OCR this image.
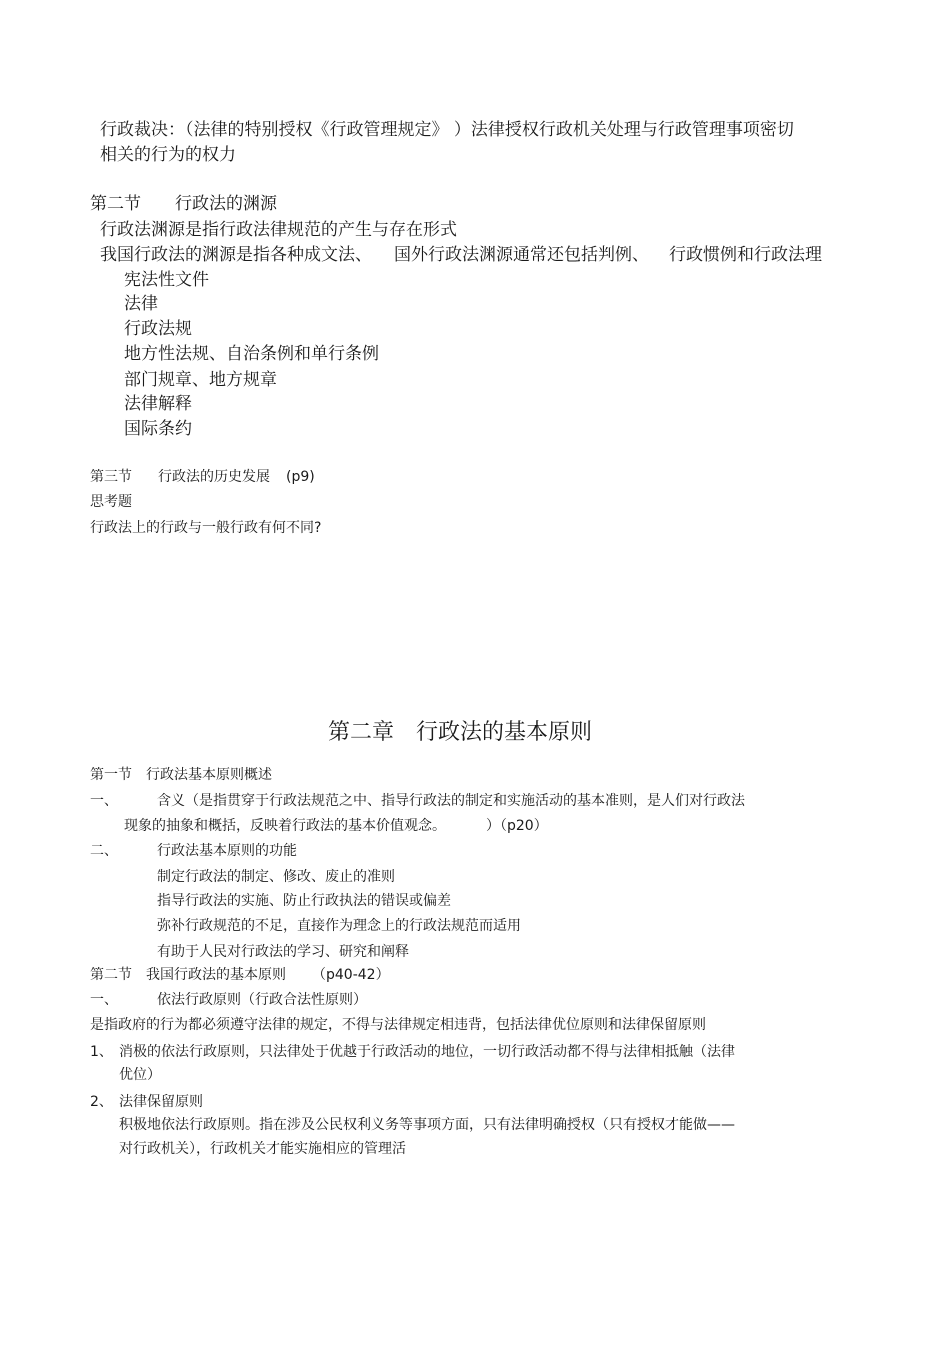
行政裁决：（法律的特别授权《行政管理规定》 ）法律授权行政机关处理与行政管理事项密切
相关的行为的权力
第二节 行政法的渊源
行政法渊源是指行政法律规范的产生与存在形式
我国行政法的渊源是指各种成文法、 国外行政法渊源通常还包括判例、 行政惯例和行政法理
宪法性文件
法律
行政法规
地方性法规、自治条例和单行条例
部门规章、地方规章
法律解释
国际条约
第三节 行政法的历史发展 (p9)
思考题
行政法上的行政与一般行政有何不同?
第二章　行政法的基本原则
第一节　行政法基本原则概述
一、	含义（是指贯穿于行政法规范之中、指导行政法的制定和实施活动的基本准则，是人们对行政法
现象的抽象和概括，反映着行政法的基本价值观念。	）（p20）
二、	行政法基本原则的功能
制定行政法的制定、修改、废止的准则
指导行政法的实施、防止行政执法的错误或偏差
弥补行政规范的不足，直接作为理念上的行政法规范而适用
有助于人民对行政法的学习、研究和阐释
第二节　我国行政法的基本原则 （p40-42）
一、	依法行政原则（行政合法性原则）
是指政府的行为都必须遵守法律的规定，不得与法律规定相违背，包括法律优位原则和法律保留原则
1、 消极的依法行政原则，只法律处于优越于行政活动的地位，一切行政活动都不得与法律相抵触（法律
优位）
2、 法律保留原则
积极地依法行政原则。指在涉及公民权利义务等事项方面，只有法律明确授权（只有授权才能做——
对行政机关），行政机关才能实施相应的管理活
